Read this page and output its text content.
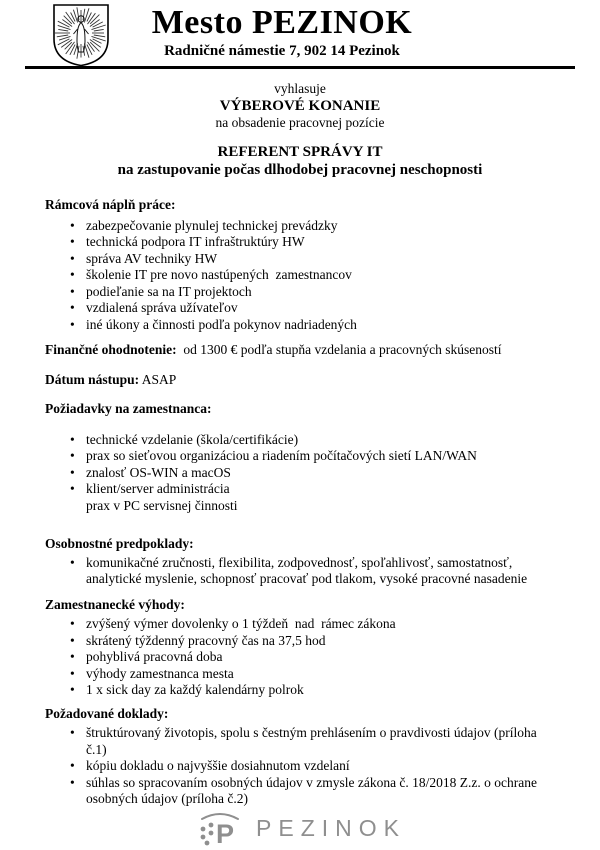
Mesto PEZINOK
Radničné námestie 7, 902 14 Pezinok
vyhlasuje
VÝBEROVÉ KONANIE
na obsadenie pracovnej pozície
REFERENT SPRÁVY IT
na zastupovanie počas dlhodobej pracovnej neschopnosti
Rámcová náplň práce:
• zabezpečovanie plynulej technickej prevádzky
• technická podpora IT infraštruktúry HW
• správa AV techniky HW
• školenie IT pre novo nastúpených  zamestnancov
• podieľanie sa na IT projektoch
• vzdialená správa užívateľov
• iné úkony a činnosti podľa pokynov nadriadených

Finančné ohodnotenie:  od 1300 € podľa stupňa vzdelania a pracovných skúseností

Dátum nástupu: ASAP

Požiadavky na zamestnanca:
• technické vzdelanie (škola/certifikácie)
• prax so sieťovou organizáciou a riadením počítačových sietí LAN/WAN
• znalosť OS-WIN a macOS
• klient/server administrácia
prax v PC servisnej činnosti
Osobnostné predpoklady:
• komunikačné zručnosti, flexibilita, zodpovednosť, spoľahlivosť, samostatnosť, analytické myslenie, schopnosť pracovať pod tlakom, vysoké pracovné nasadenie
Zamestnanecké výhody:
• zvýšený výmer dovolenky o 1 týždeň  nad  rámec zákona
• skrátený týždenný pracovný čas na 37,5 hod
• pohyblivá pracovná doba
• výhody zamestnanca mesta
• 1 x sick day za každý kalendárny polrok
Požadované doklady:
• štruktúrovaný životopis, spolu s čestným prehlásením o pravdivosti údajov (príloha č.1)
• kópiu dokladu o najvyššie dosiahnutom vzdelaní
• súhlas so spracovaním osobných údajov v zmysle zákona č. 18/2018 Z.z. o ochrane osobných údajov (príloha č.2)
P PEZINOK
